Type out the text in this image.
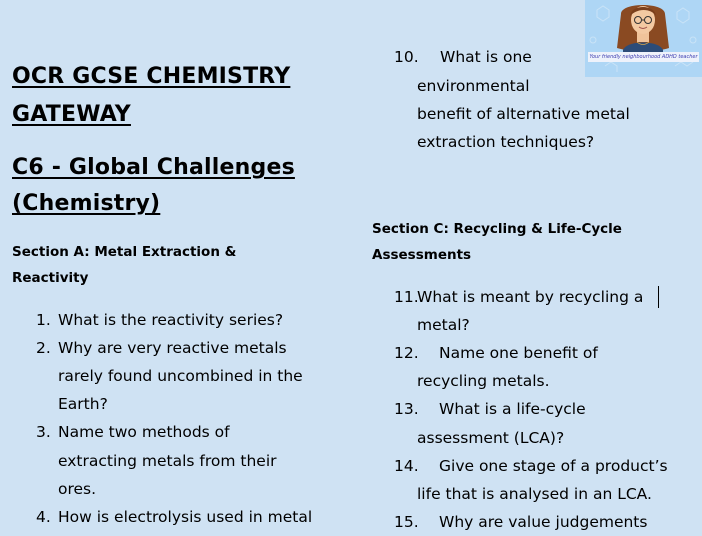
OCR GCSE CHEMISTRY
GATEWAY
C6 - Global Challenges
(Chemistry)
Section A: Metal Extraction &
Reactivity
1. What is the reactivity series?
2. Why are very reactive metals
rarely found uncombined in the
Earth?
3. Name two methods of
extracting metals from their
ores.
4. How is electrolysis used in metal
10. What is one
environmental
benefit of alternative metal
extraction techniques?
Section C: Recycling & Life-Cycle
Assessments
11.
What is meant by recycling a
metal?
12. Name one benefit of
recycling metals.
13. What is a life-cycle
assessment (LCA)?
14. Give one stage of a product’s
life that is analysed in an LCA.
15. Why are value judgements
Your friendly neighbourhood ADHD teacher
